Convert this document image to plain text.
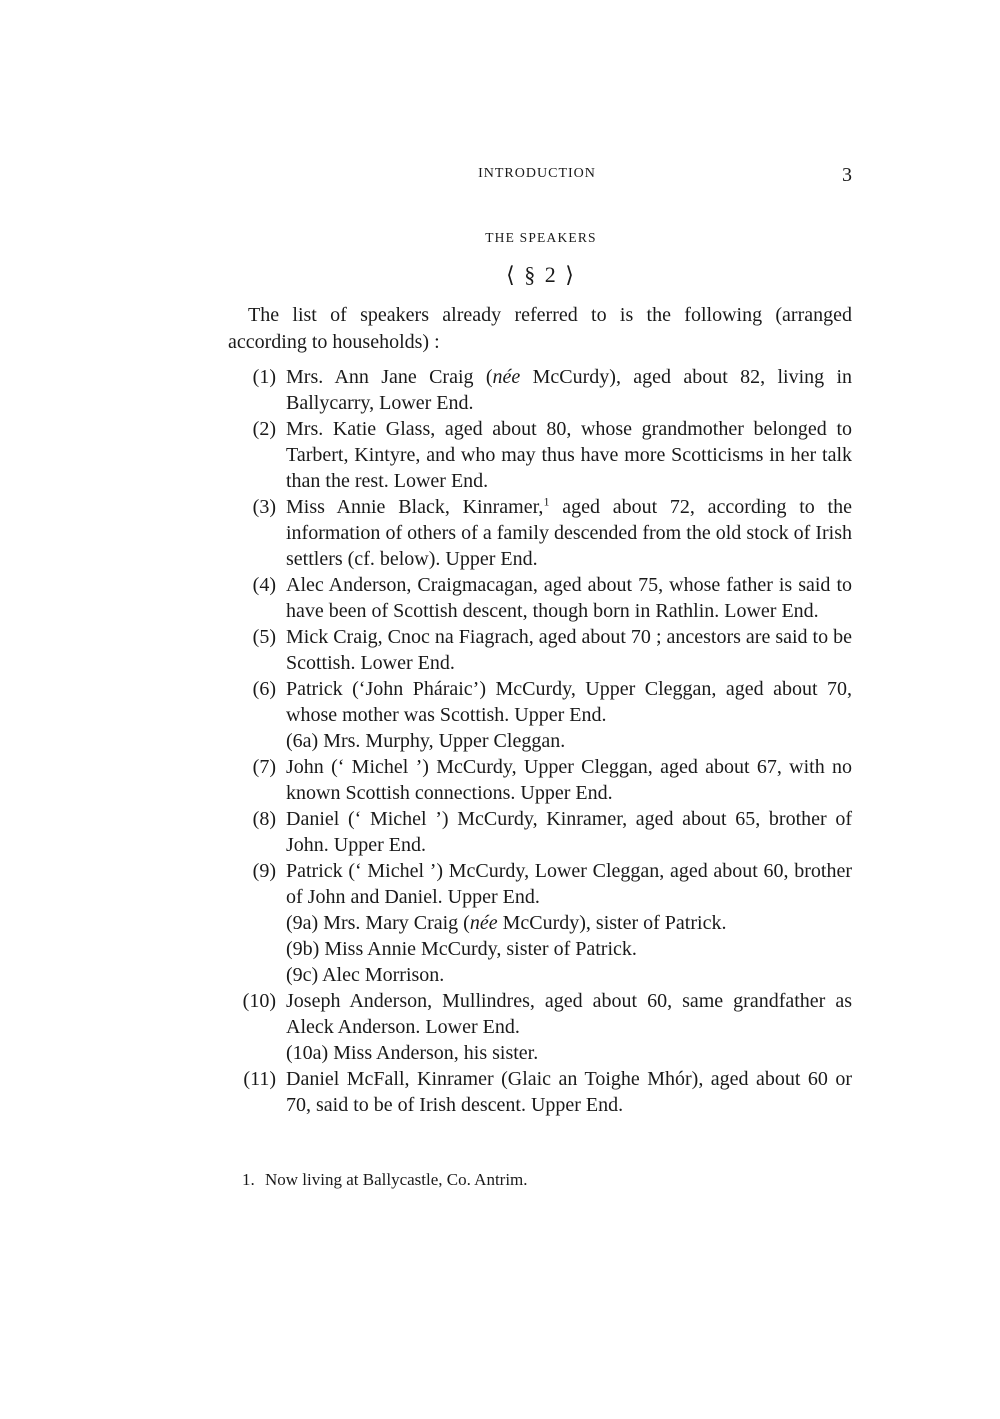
INTRODUCTION	3
THE SPEAKERS
⟨ § 2 ⟩

The list of speakers already referred to is the following (arranged according to households) :

(1) Mrs. Ann Jane Craig (née McCurdy), aged about 82, living in Ballycarry, Lower End.
(2) Mrs. Katie Glass, aged about 80, whose grandmother belonged to Tarbert, Kintyre, and who may thus have more Scotticisms in her talk than the rest. Lower End.
(3) Miss Annie Black, Kinramer,$^1$ aged about 72, according to the information of others of a family descended from the old stock of Irish settlers (cf. below). Upper End.
(4) Alec Anderson, Craigmacagan, aged about 75, whose father is said to have been of Scottish descent, though born in Rathlin. Lower End.
(5) Mick Craig, Cnoc na Fiagrach, aged about 70 ; ancestors are said to be Scottish. Lower End.
(6) Patrick (‘John Pháraic’) McCurdy, Upper Cleggan, aged about 70, whose mother was Scottish. Upper End.
(6a) Mrs. Murphy, Upper Cleggan.
(7) John (‘ Michel ’) McCurdy, Upper Cleggan, aged about 67, with no known Scottish connections. Upper End.
(8) Daniel (‘ Michel ’) McCurdy, Kinramer, aged about 65, brother of John. Upper End.
(9) Patrick (‘ Michel ’) McCurdy, Lower Cleggan, aged about 60, brother of John and Daniel. Upper End.
(9a) Mrs. Mary Craig (née McCurdy), sister of Patrick.
(9b) Miss Annie McCurdy, sister of Patrick.
(9c) Alec Morrison.
(10) Joseph Anderson, Mullindres, aged about 60, same grandfather as Aleck Anderson. Lower End.
(10a) Miss Anderson, his sister.
(11) Daniel McFall, Kinramer (Glaic an Toighe Mhór), aged about 60 or 70, said to be of Irish descent. Upper End.
1. Now living at Ballycastle, Co. Antrim.
